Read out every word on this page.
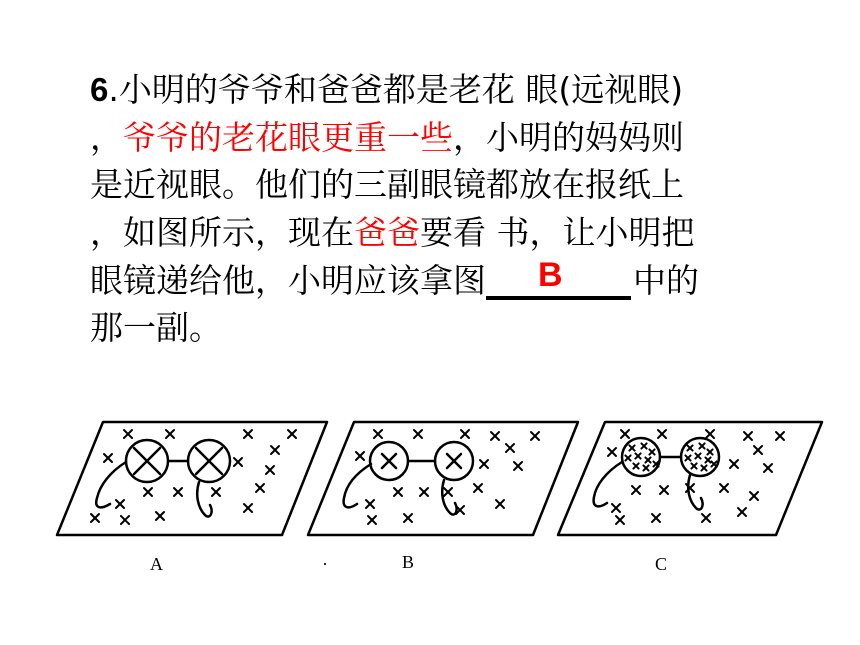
6.小明的爷爷和爸爸都是老花 眼(远视眼)
，爷爷的老花眼更重一些，小明的妈妈则
是近视眼。他们的三副眼镜都放在报纸上
，如图所示，现在爸爸要看 书，让小明把
眼镜递给他，小明应该拿图 B 中的
那一副。
A	·	B	C
